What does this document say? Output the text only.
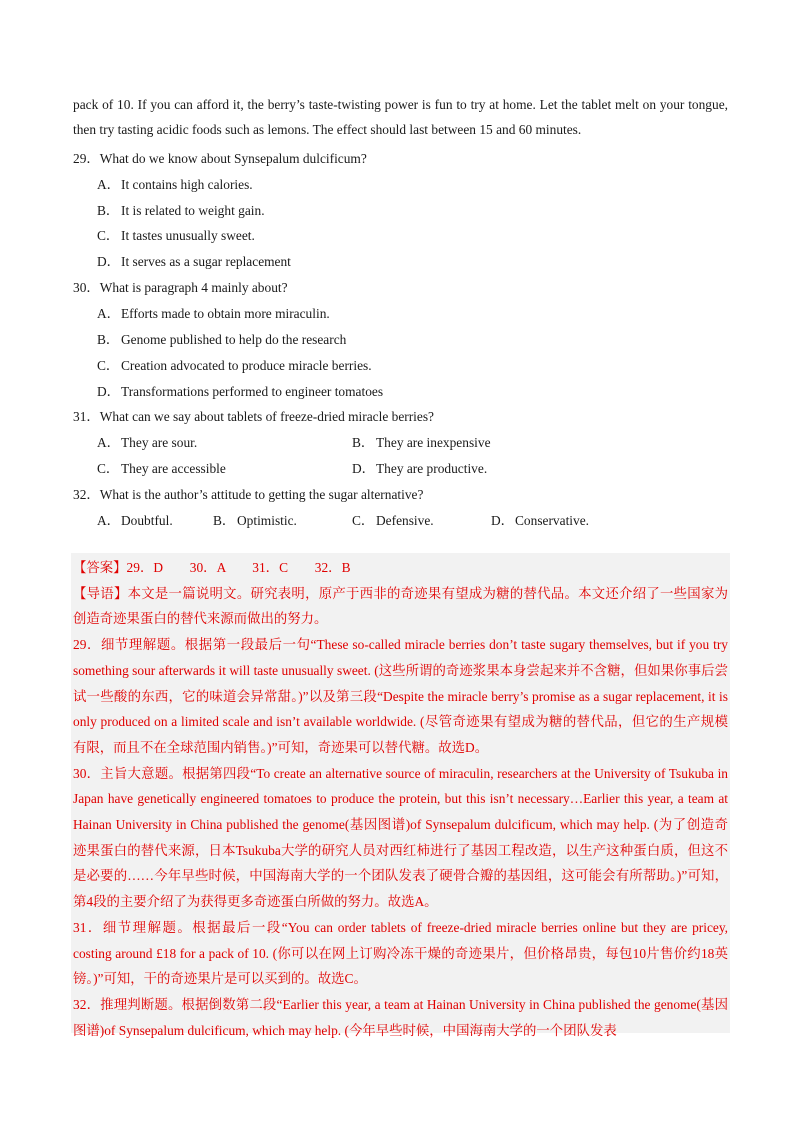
pack of 10. If you can afford it, the berry’s taste-twisting power is fun to try at home. Let the tablet melt on your tongue, then try tasting acidic foods such as lemons. The effect should last between 15 and 60 minutes.
29．What do we know about Synsepalum dulcificum?
A．It contains high calories.
B． It is related to weight gain.
C． It tastes unusually sweet.
D．It serves as a sugar replacement
30．What is paragraph 4 mainly about?
A．Efforts made to obtain more miraculin.
B． Genome published to help do the research
C． Creation advocated to produce miracle berries.
D．Transformations performed to engineer tomatoes
31．What can we say about tablets of freeze-dried miracle berries?
A．They are sour.	B． They are inexpensive
C． They are accessible	D．They are productive.
32．What is the author’s attitude to getting the sugar alternative?
A．Doubtful.	B． Optimistic.	C． Defensive.	D．Conservative.

【答案】29．D　　30．A　　31．C　　32．B

【导语】本文是一篇说明文。研究表明，原产于西非的奇迹果有望成为糖的替代品。本文还介绍了一些国家为创造奇迹果蛋白的替代来源而做出的努力。

29．细节理解题。根据第一段最后一句“These so-called miracle berries don’t taste sugary themselves, but if you try something sour afterwards it will taste unusually sweet. (这些所谓的奇迹浆果本身尝起来并不含糖，但如果你事后尝试一些酸的东西，它的味道会异常甜。)”以及第三段“Despite the miracle berry’s promise as a sugar replacement, it is only produced on a limited scale and isn’t available worldwide. (尽管奇迹果有望成为糖的替代品，但它的生产规模有限，而且不在全球范围内销售。)”可知，奇迹果可以替代糖。故选D。

30．主旨大意题。根据第四段“To create an alternative source of miraculin, researchers at the University of Tsukuba in Japan have genetically engineered tomatoes to produce the protein, but this isn’t necessary…Earlier this year, a team at Hainan University in China published the genome(基因图谱)of Synsepalum dulcificum, which may help. (为了创造奇迹果蛋白的替代来源，日本Tsukuba大学的研究人员对西红柿进行了基因工程改造，以生产这种蛋白质，但这不是必要的……今年早些时候，中国海南大学的一个团队发表了硬骨合瓣的基因组，这可能会有所帮助。)”可知，第4段的主要介绍了为获得更多奇迹蛋白所做的努力。故选A。

31．细节理解题。根据最后一段“You can order tablets of freeze-dried miracle berries online but they are pricey, costing around £18 for a pack of 10. (你可以在网上订购冷冻干燥的奇迹果片，但价格昂贵，每包10片售价约18英镑。)”可知，干的奇迹果片是可以买到的。故选C。

32．推理判断题。根据倒数第二段“Earlier this year, a team at Hainan University in China published the genome(基因图谱)of Synsepalum dulcificum, which may help. (今年早些时候，中国海南大学的一个团队发表
